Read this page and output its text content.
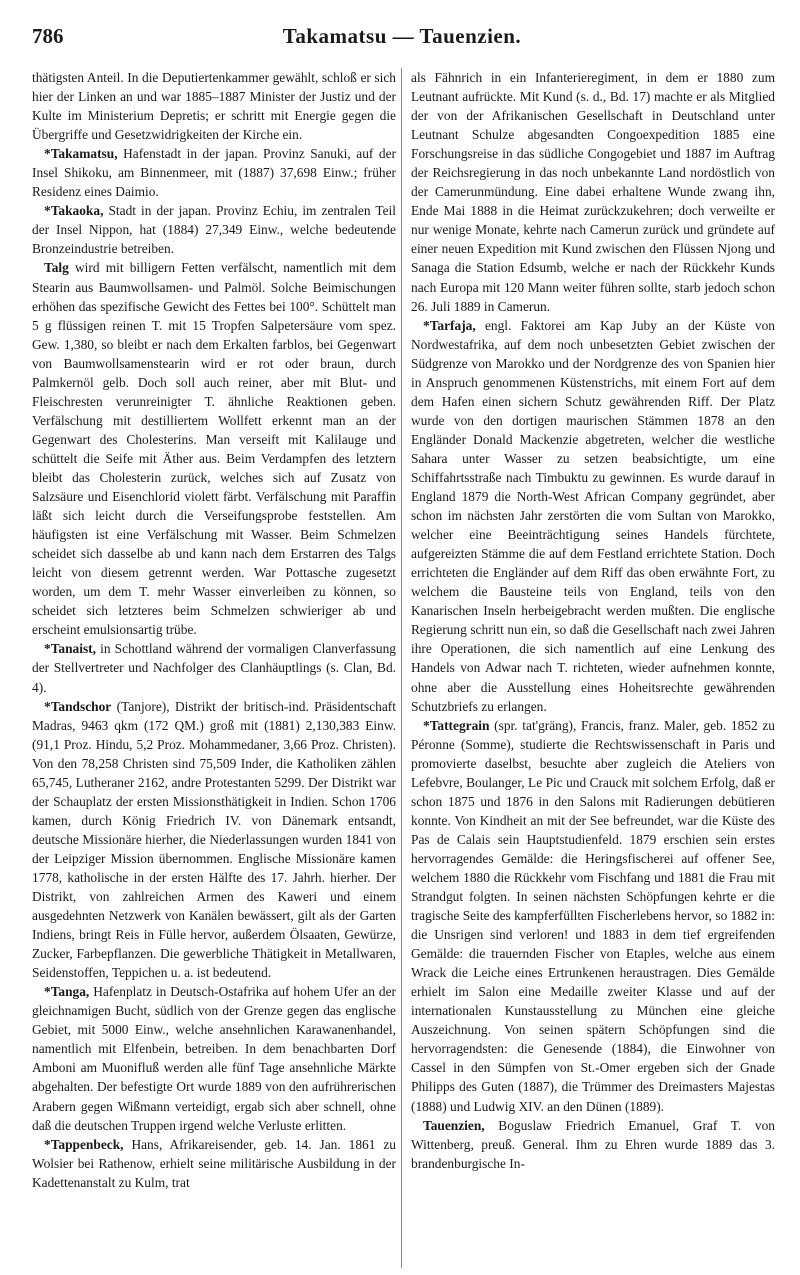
786	Takamatsu — Tauenzien.

thätigsten Anteil. In die Deputiertenkammer gewählt, schloß er sich hier der Linken an und war 1885–1887 Minister der Justiz und der Kulte im Ministerium Depretis; er schritt mit Energie gegen die Übergriffe und Gesetzwidrigkeiten der Kirche ein.

*Takamatsu, Hafenstadt in der japan. Provinz Sanuki, auf der Insel Shikoku, am Binnenmeer, mit (1887) 37,698 Einw.; früher Residenz eines Daimio.

*Takaoka, Stadt in der japan. Provinz Echiu, im zentralen Teil der Insel Nippon, hat (1884) 27,349 Einw., welche bedeutende Bronzeindustrie betreiben.

Talg wird mit billigern Fetten verfälscht, namentlich mit dem Stearin aus Baumwollsamen- und Palmöl. Solche Beimischungen erhöhen das spezifische Gewicht des Fettes bei 100°. Schüttelt man 5 g flüssigen reinen T. mit 15 Tropfen Salpetersäure vom spez. Gew. 1,380, so bleibt er nach dem Erkalten farblos, bei Gegenwart von Baumwollsamenstearin wird er rot oder braun, durch Palmkernöl gelb. Doch soll auch reiner, aber mit Blut- und Fleischresten verunreinigter T. ähnliche Reaktionen geben. Verfälschung mit destilliertem Wollfett erkennt man an der Gegenwart des Cholesterins. Man verseift mit Kalilauge und schüttelt die Seife mit Äther aus. Beim Verdampfen des letztern bleibt das Cholesterin zurück, welches sich auf Zusatz von Salzsäure und Eisenchlorid violett färbt. Verfälschung mit Paraffin läßt sich leicht durch die Verseifungsprobe feststellen. Am häufigsten ist eine Verfälschung mit Wasser. Beim Schmelzen scheidet sich dasselbe ab und kann nach dem Erstarren des Talgs leicht von diesem getrennt werden. War Pottasche zugesetzt worden, um dem T. mehr Wasser einverleiben zu können, so scheidet sich letzteres beim Schmelzen schwieriger ab und erscheint emulsionsartig trübe.

*Tanaist, in Schottland während der vormaligen Clanverfassung der Stellvertreter und Nachfolger des Clanhäuptlings (s. Clan, Bd. 4).

*Tandschor (Tanjore), Distrikt der britisch-ind. Präsidentschaft Madras, 9463 qkm (172 QM.) groß mit (1881) 2,130,383 Einw. (91,1 Proz. Hindu, 5,2 Proz. Mohammedaner, 3,66 Proz. Christen). Von den 78,258 Christen sind 75,509 Inder, die Katholiken zählen 65,745, Lutheraner 2162, andre Protestanten 5299. Der Distrikt war der Schauplatz der ersten Missionsthätigkeit in Indien. Schon 1706 kamen, durch König Friedrich IV. von Dänemark entsandt, deutsche Missionäre hierher, die Niederlassungen wurden 1841 von der Leipziger Mission übernommen. Englische Missionäre kamen 1778, katholische in der ersten Hälfte des 17. Jahrh. hierher. Der Distrikt, von zahlreichen Armen des Kaweri und einem ausgedehnten Netzwerk von Kanälen bewässert, gilt als der Garten Indiens, bringt Reis in Fülle hervor, außerdem Ölsaaten, Gewürze, Zucker, Farbepflanzen. Die gewerbliche Thätigkeit in Metallwaren, Seidenstoffen, Teppichen u. a. ist bedeutend.

*Tanga, Hafenplatz in Deutsch-Ostafrika auf hohem Ufer an der gleichnamigen Bucht, südlich von der Grenze gegen das englische Gebiet, mit 5000 Einw., welche ansehnlichen Karawanenhandel, namentlich mit Elfenbein, betreiben. In dem benachbarten Dorf Amboni am Muonifluß werden alle fünf Tage ansehnliche Märkte abgehalten. Der befestigte Ort wurde 1889 von den aufrührerischen Arabern gegen Wißmann verteidigt, ergab sich aber schnell, ohne daß die deutschen Truppen irgend welche Verluste erlitten.

*Tappenbeck, Hans, Afrikareisender, geb. 14. Jan. 1861 zu Wolsier bei Rathenow, erhielt seine militärische Ausbildung in der Kadettenanstalt zu Kulm, trat

als Fähnrich in ein Infanterieregiment, in dem er 1880 zum Leutnant aufrückte. Mit Kund (s. d., Bd. 17) machte er als Mitglied der von der Afrikanischen Gesellschaft in Deutschland unter Leutnant Schulze abgesandten Congoexpedition 1885 eine Forschungsreise in das südliche Congogebiet und 1887 im Auftrag der Reichsregierung in das noch unbekannte Land nordöstlich von der Camerunmündung. Eine dabei erhaltene Wunde zwang ihn, Ende Mai 1888 in die Heimat zurückzukehren; doch verweilte er nur wenige Monate, kehrte nach Camerun zurück und gründete auf einer neuen Expedition mit Kund zwischen den Flüssen Njong und Sanaga die Station Edsumb, welche er nach der Rückkehr Kunds nach Europa mit 120 Mann weiter führen sollte, starb jedoch schon 26. Juli 1889 in Camerun.

*Tarfaja, engl. Faktorei am Kap Juby an der Küste von Nordwestafrika, auf dem noch unbesetzten Gebiet zwischen der Südgrenze von Marokko und der Nordgrenze des von Spanien hier in Anspruch genommenen Küstenstrichs, mit einem Fort auf dem dem Hafen einen sichern Schutz gewährenden Riff. Der Platz wurde von den dortigen maurischen Stämmen 1878 an den Engländer Donald Mackenzie abgetreten, welcher die westliche Sahara unter Wasser zu setzen beabsichtigte, um eine Schiffahrtsstraße nach Timbuktu zu gewinnen. Es wurde darauf in England 1879 die North-West African Company gegründet, aber schon im nächsten Jahr zerstörten die vom Sultan von Marokko, welcher eine Beeinträchtigung seines Handels fürchtete, aufgereizten Stämme die auf dem Festland errichtete Station. Doch errichteten die Engländer auf dem Riff das oben erwähnte Fort, zu welchem die Bausteine teils von England, teils von den Kanarischen Inseln herbeigebracht werden mußten. Die englische Regierung schritt nun ein, so daß die Gesellschaft nach zwei Jahren ihre Operationen, die sich namentlich auf eine Lenkung des Handels von Adwar nach T. richteten, wieder aufnehmen konnte, ohne aber die Ausstellung eines Hoheitsrechte gewährenden Schutzbriefs zu erlangen.

*Tattegrain (spr. tat'gräng), Francis, franz. Maler, geb. 1852 zu Péronne (Somme), studierte die Rechtswissenschaft in Paris und promovierte daselbst, besuchte aber zugleich die Ateliers von Lefebvre, Boulanger, Le Pic und Crauck mit solchem Erfolg, daß er schon 1875 und 1876 in den Salons mit Radierungen debütieren konnte. Von Kindheit an mit der See befreundet, war die Küste des Pas de Calais sein Hauptstudienfeld. 1879 erschien sein erstes hervorragendes Gemälde: die Heringsfischerei auf offener See, welchem 1880 die Rückkehr vom Fischfang und 1881 die Frau mit Strandgut folgten. In seinen nächsten Schöpfungen kehrte er die tragische Seite des kampferfüllten Fischerlebens hervor, so 1882 in: die Unsrigen sind verloren! und 1883 in dem tief ergreifenden Gemälde: die trauernden Fischer von Etaples, welche aus einem Wrack die Leiche eines Ertrunkenen heraustragen. Dies Gemälde erhielt im Salon eine Medaille zweiter Klasse und auf der internationalen Kunstausstellung zu München eine gleiche Auszeichnung. Von seinen spätern Schöpfungen sind die hervorragendsten: die Genesende (1884), die Einwohner von Cassel in den Sümpfen von St.-Omer ergeben sich der Gnade Philipps des Guten (1887), die Trümmer des Dreimasters Majestas (1888) und Ludwig XIV. an den Dünen (1889).

Tauenzien, Boguslaw Friedrich Emanuel, Graf T. von Wittenberg, preuß. General. Ihm zu Ehren wurde 1889 das 3. brandenburgische In-
